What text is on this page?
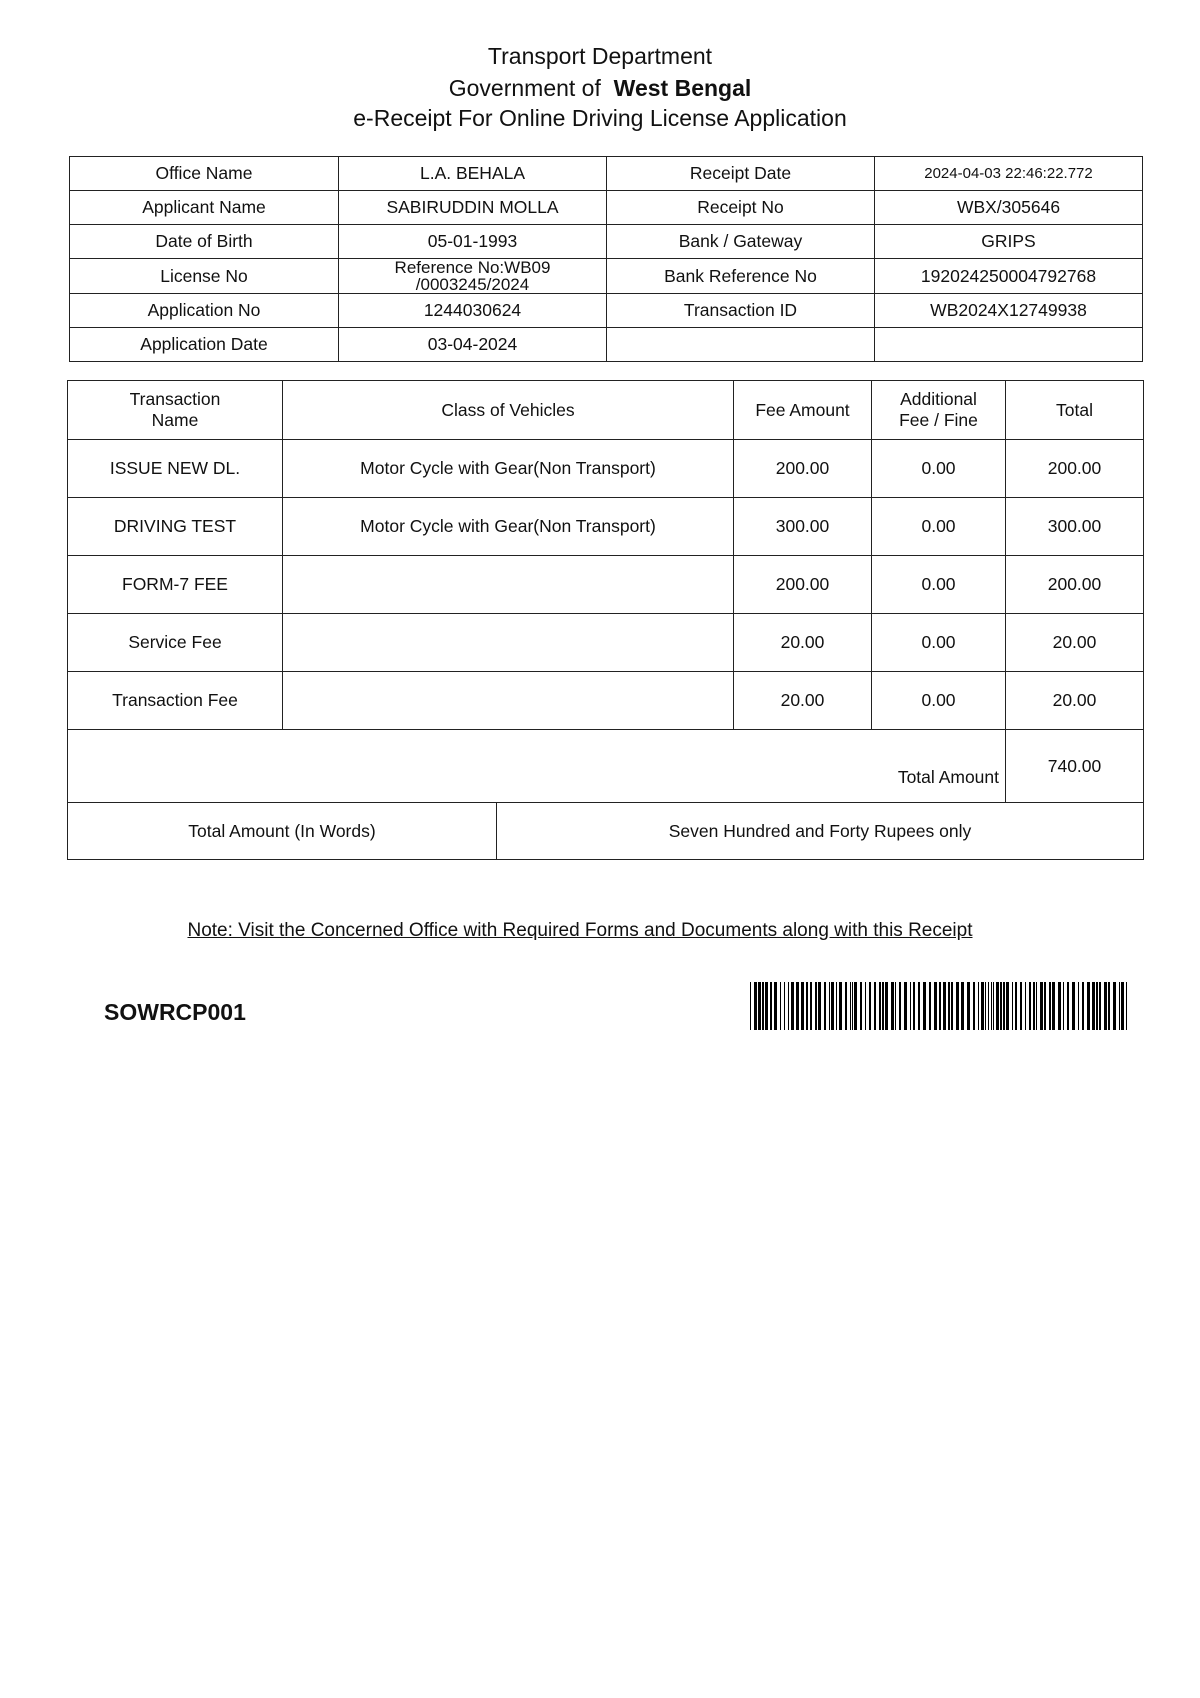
Transport Department
Government of West Bengal
e-Receipt For Online Driving License Application
Office Name	L.A. BEHALA	Receipt Date	2024-04-03 22:46:22.772
Applicant Name	SABIRUDDIN MOLLA	Receipt No	WBX/305646
Date of Birth	05-01-1993	Bank / Gateway	GRIPS
License No	Reference No:WB09 /0003245/2024	Bank Reference No	192024250004792768
Application No	1244030624	Transaction ID	WB2024X12749938
Application Date	03-04-2024		
Transaction Name	Class of Vehicles		Fee Amount	Additional Fee / Fine	Total
ISSUE NEW DL.	Motor Cycle with Gear(Non Transport)		200.00	0.00	200.00
DRIVING TEST	Motor Cycle with Gear(Non Transport)		300.00	0.00	300.00
FORM-7 FEE			200.00	0.00	200.00
Service Fee			20.00	0.00	20.00
Transaction Fee			20.00	0.00	20.00
Total Amount					740.00
Total Amount (In Words)		Seven Hundred and Forty Rupees only			
Note: Visit the Concerned Office with Required Forms and Documents along with this Receipt
SOWRCP001
